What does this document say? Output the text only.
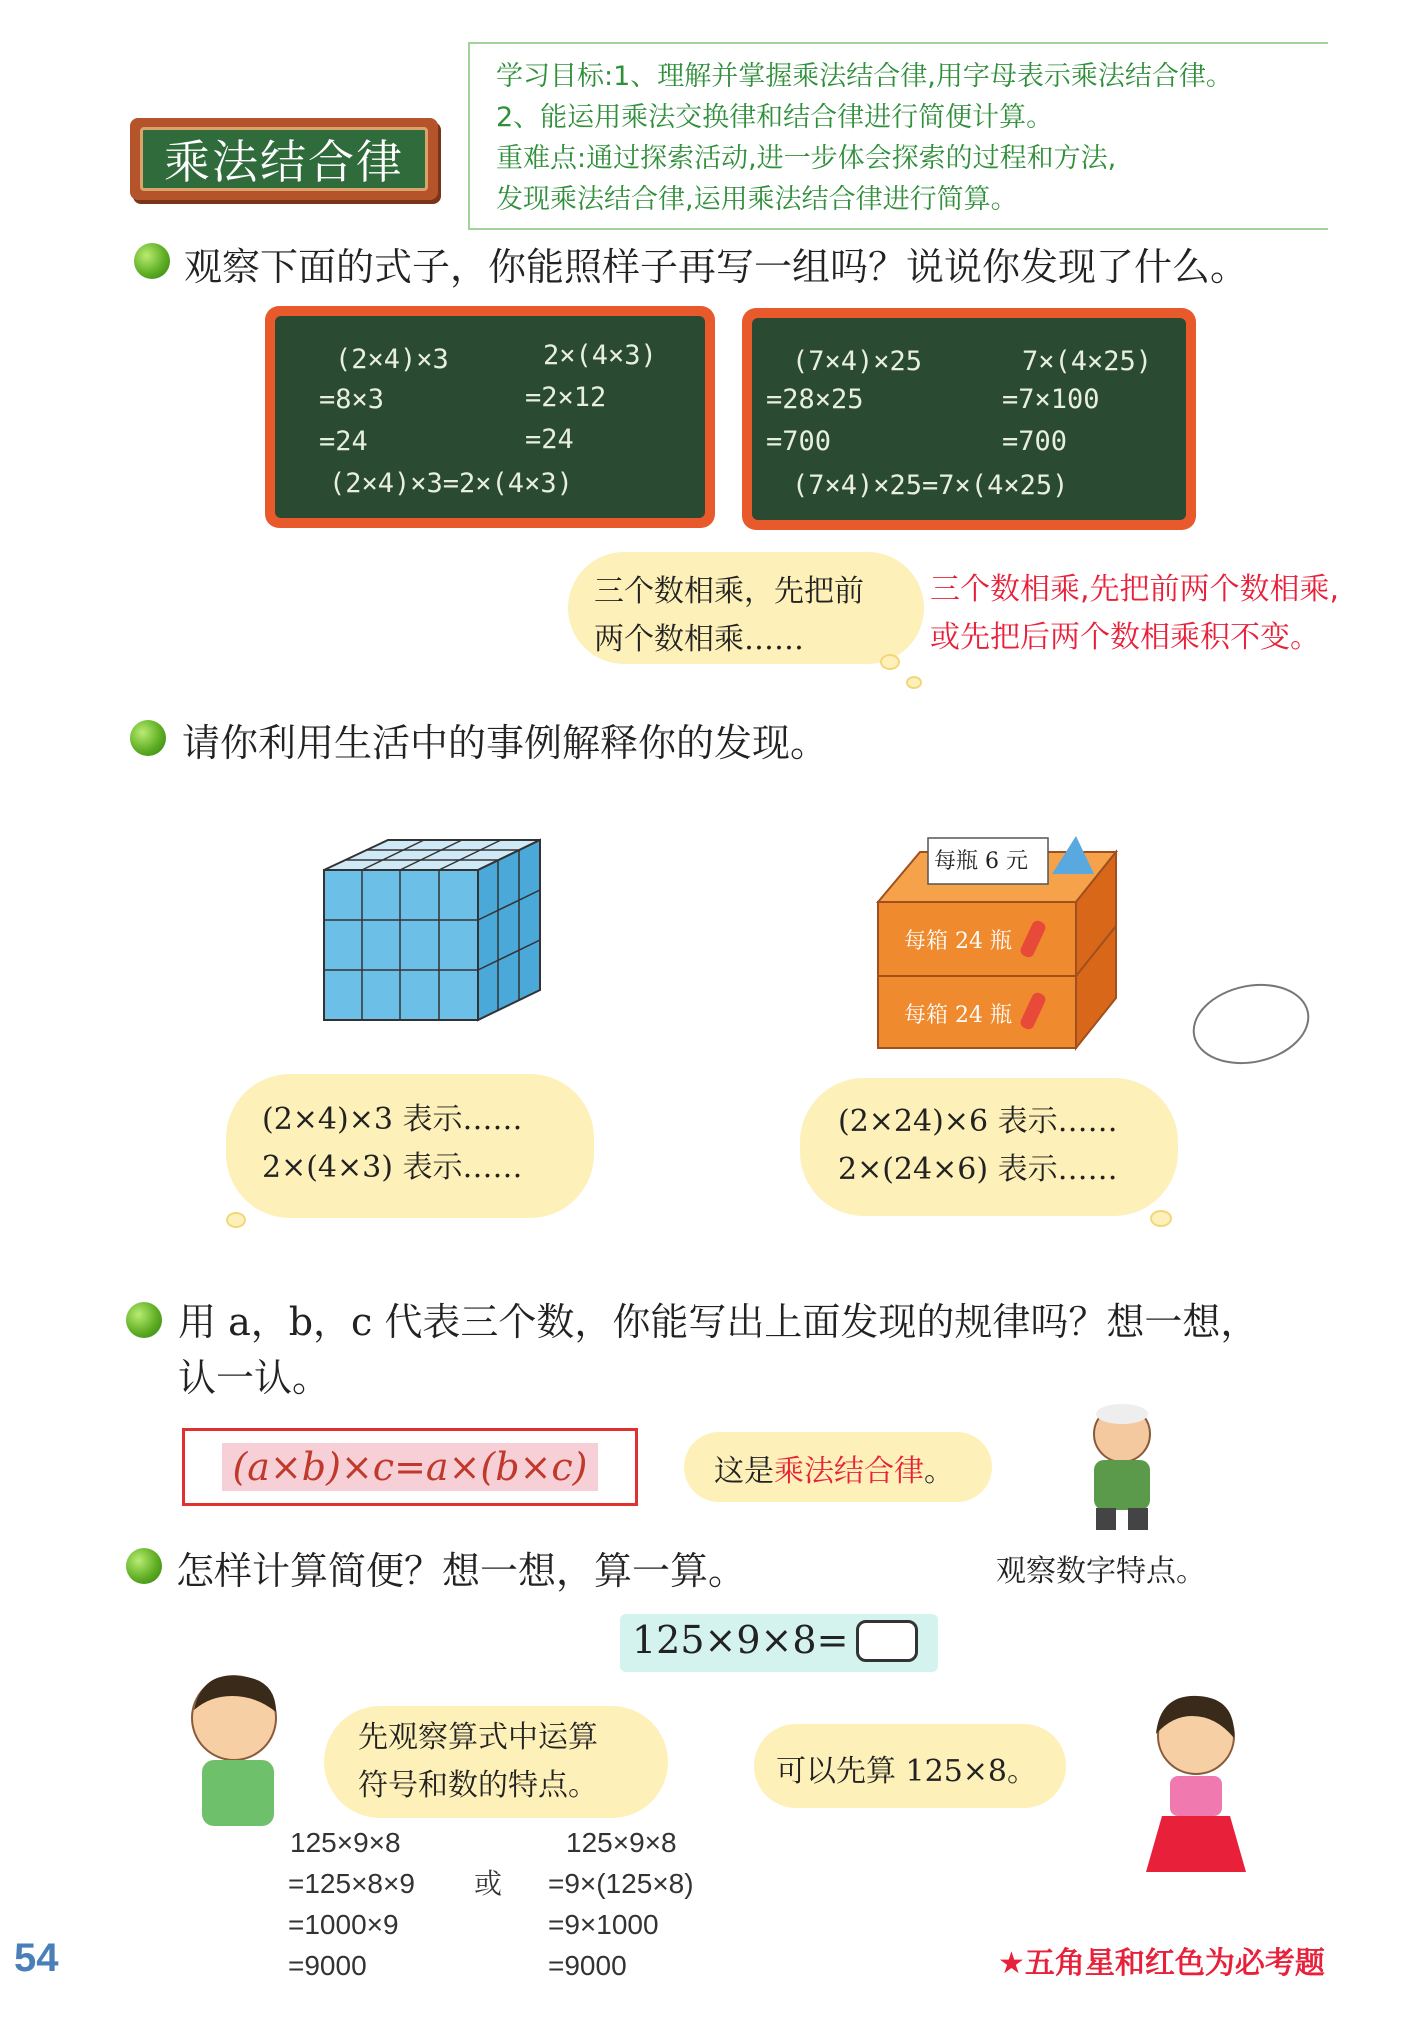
乘法结合律
学习目标:1、理解并掌握乘法结合律,用字母表示乘法结合律。
2、能运用乘法交换律和结合律进行简便计算。
重难点:通过探索活动,进一步体会探索的过程和方法,
发现乘法结合律,运用乘法结合律进行简算。
观察下面的式子，你能照样子再写一组吗？说说你发现了什么。
(2×4)×3	2×(4×3)
=8×3	=2×12
=24	=24
(2×4)×3=2×(4×3)
(7×4)×25	7×(4×25)
=28×25	=7×100
=700	=700
(7×4)×25=7×(4×25)
三个数相乘，先把前
两个数相乘……
三个数相乘,先把前两个数相乘,
或先把后两个数相乘积不变。
请你利用生活中的事例解释你的发现。
每瓶 6 元
每箱 24 瓶
每箱 24 瓶
(2×4)×3 表示……
2×(4×3) 表示……
(2×24)×6 表示……
2×(24×6) 表示……
用 a，b，c 代表三个数，你能写出上面发现的规律吗？想一想，
认一认。
(a×b)×c=a×(b×c)	这是乘法结合律。
怎样计算简便？想一想，算一算。	观察数字特点。
125×9×8=
先观察算式中运算
符号和数的特点。	可以先算 125×8。
125×9×8
=125×8×9
=1000×9
=9000
或
125×9×8
=9×(125×8)
=9×1000
=9000
54	★五角星和红色为必考题
